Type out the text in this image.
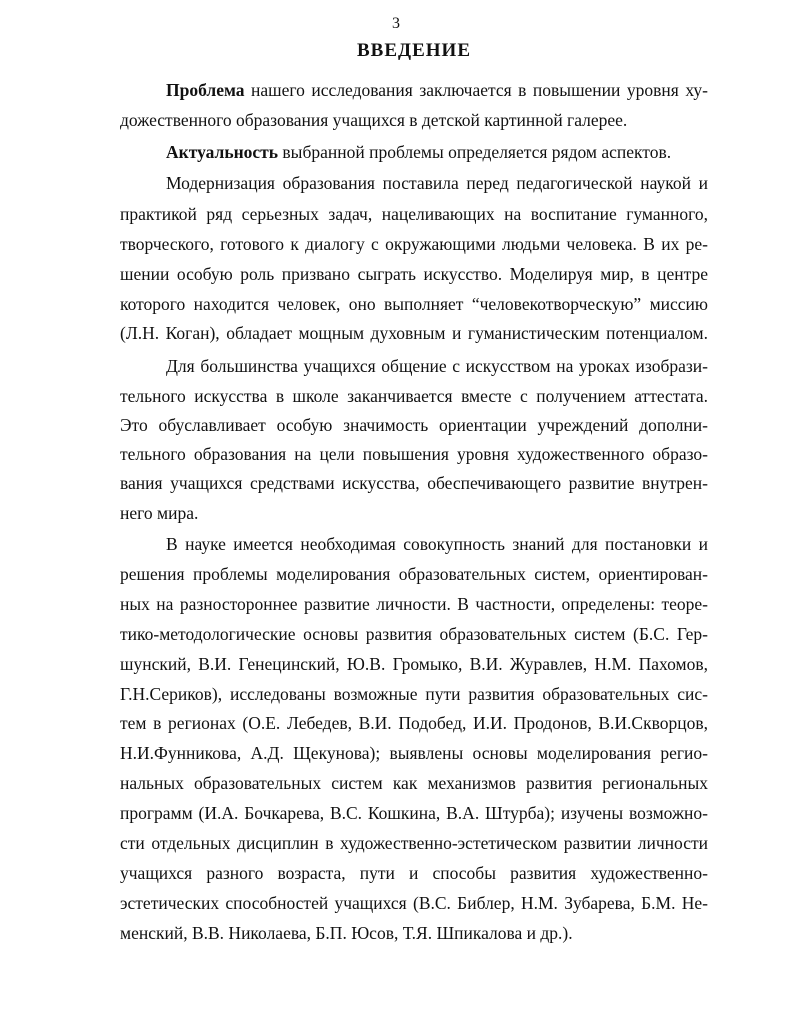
3
ВВЕДЕНИЕ
Проблема нашего исследования заключается в повышении уровня ху-
дожественного образования учащихся в детской картинной галерее.
Актуальность выбранной проблемы определяется рядом аспектов.
Модернизация образования поставила перед педагогической наукой и
практикой ряд серьезных задач, нацеливающих на воспитание гуманного,
творческого, готового к диалогу с окружающими людьми человека. В их ре-
шении особую роль призвано сыграть искусство. Моделируя мир, в центре
которого находится человек, оно выполняет “человекотворческую” миссию
(Л.Н. Коган), обладает мощным духовным и гуманистическим потенциалом.
Для большинства учащихся общение с искусством на уроках изобрази-
тельного искусства в школе заканчивается вместе с получением аттестата.
Это обуславливает особую значимость ориентации учреждений дополни-
тельного образования на цели повышения уровня художественного образо-
вания учащихся средствами искусства, обеспечивающего развитие внутрен-
него мира.
В науке имеется необходимая совокупность знаний для постановки и
решения проблемы моделирования образовательных систем, ориентирован-
ных на разностороннее развитие личности. В частности, определены: теоре-
тико-методологические основы развития образовательных систем (Б.С. Гер-
шунский, В.И. Генецинский, Ю.В. Громыко, В.И. Журавлев, Н.М. Пахомов,
Г.Н.Сериков), исследованы возможные пути развития образовательных сис-
тем в регионах (О.Е. Лебедев, В.И. Подобед, И.И. Продонов, В.И.Скворцов,
Н.И.Фунникова, А.Д. Щекунова); выявлены основы моделирования регио-
нальных образовательных систем как механизмов развития региональных
программ (И.А. Бочкарева, В.С. Кошкина, В.А. Штурба); изучены возможно-
сти отдельных дисциплин в художественно-эстетическом развитии личности
учащихся разного возраста, пути и способы развития художественно-
эстетических способностей учащихся (В.С. Библер, Н.М. Зубарева, Б.М. Не-
менский, В.В. Николаева, Б.П. Юсов, Т.Я. Шпикалова и др.).
